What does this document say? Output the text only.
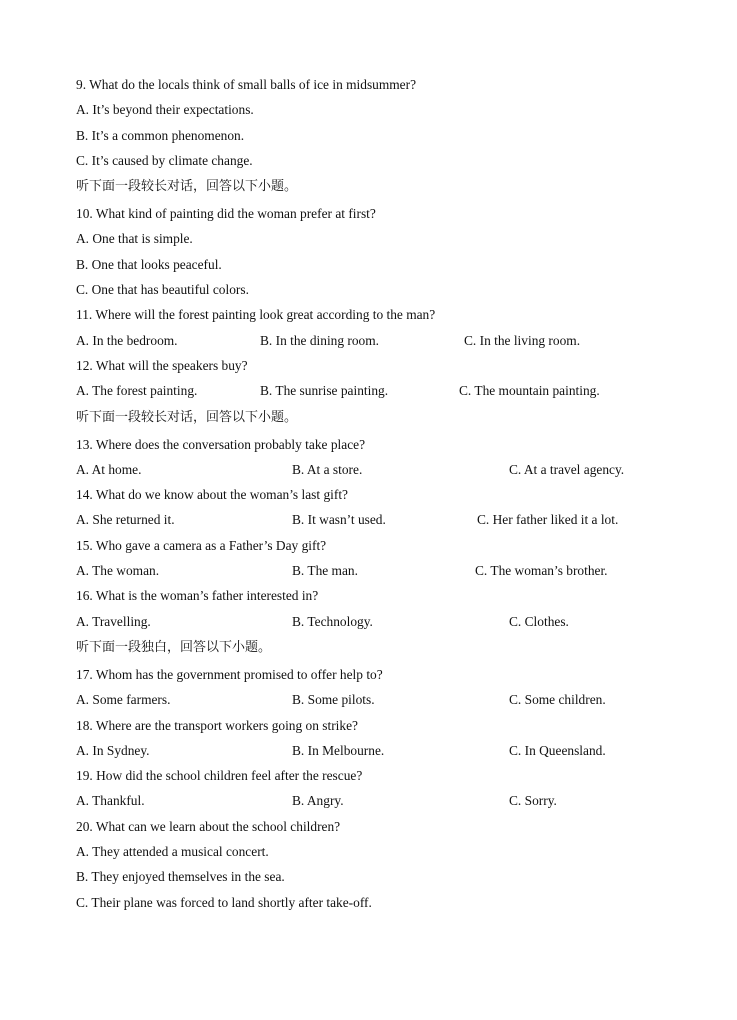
9. What do the locals think of small balls of ice in midsummer?
A. It’s beyond their expectations.
B. It’s a common phenomenon.
C. It’s caused by climate change.
听下面一段较长对话，回答以下小题。
10. What kind of painting did the woman prefer at first?
A. One that is simple.
B. One that looks peaceful.
C. One that has beautiful colors.
11. Where will the forest painting look great according to the man?
A. In the bedroom.	B. In the dining room.	C. In the living room.
12. What will the speakers buy?
A. The forest painting.	B. The sunrise painting.	C. The mountain painting.
听下面一段较长对话，回答以下小题。
13. Where does the conversation probably take place?
A. At home.	B. At a store.	C. At a travel agency.
14. What do we know about the woman’s last gift?
A. She returned it.	B. It wasn’t used.	C. Her father liked it a lot.
15. Who gave a camera as a Father’s Day gift?
A. The woman.	B. The man.	C. The woman’s brother.
16. What is the woman’s father interested in?
A. Travelling.	B. Technology.	C. Clothes.
听下面一段独白，回答以下小题。
17. Whom has the government promised to offer help to?
A. Some farmers.	B. Some pilots.	C. Some children.
18. Where are the transport workers going on strike?
A. In Sydney.	B. In Melbourne.	C. In Queensland.
19. How did the school children feel after the rescue?
A. Thankful.	B. Angry.	C. Sorry.
20. What can we learn about the school children?
A. They attended a musical concert.
B. They enjoyed themselves in the sea.
C. Their plane was forced to land shortly after take-off.
